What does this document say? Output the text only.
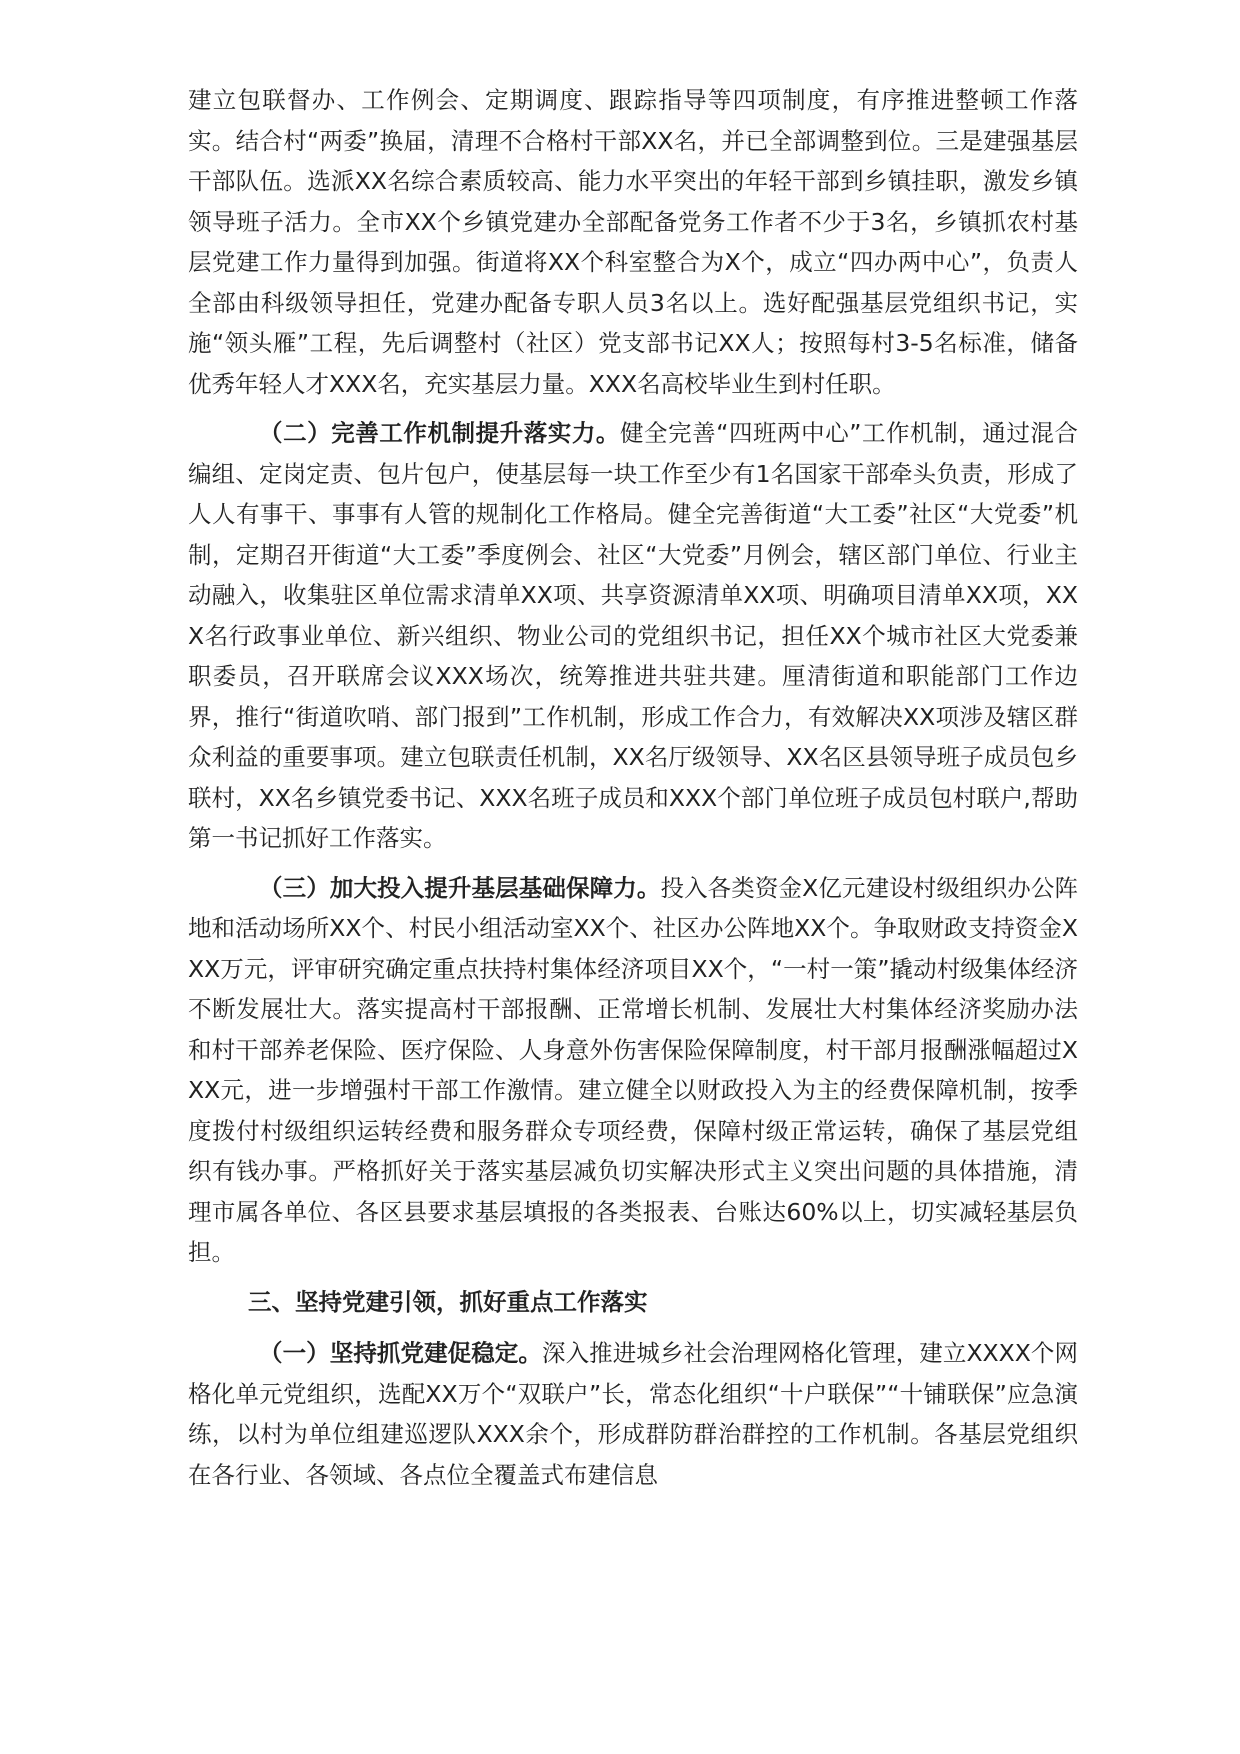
建立包联督办、工作例会、定期调度、跟踪指导等四项制度，有序推进整顿工作落实。结合村“两委”换届，清理不合格村干部XX名，并已全部调整到位。三是建强基层干部队伍。选派XX名综合素质较高、能力水平突出的年轻干部到乡镇挂职，激发乡镇领导班子活力。全市XX个乡镇党建办全部配备党务工作者不少于3名，乡镇抓农村基层党建工作力量得到加强。街道将XX个科室整合为X个，成立“四办两中心”，负责人全部由科级领导担任，党建办配备专职人员3名以上。选好配强基层党组织书记，实施“领头雁”工程，先后调整村（社区）党支部书记XX人；按照每村3-5名标准，储备优秀年轻人才XXX名，充实基层力量。XXX名高校毕业生到村任职。

（二）完善工作机制提升落实力。健全完善“四班两中心”工作机制，通过混合编组、定岗定责、包片包户，使基层每一块工作至少有1名国家干部牵头负责，形成了人人有事干、事事有人管的规制化工作格局。健全完善街道“大工委”社区“大党委”机制，定期召开街道“大工委”季度例会、社区“大党委”月例会，辖区部门单位、行业主动融入，收集驻区单位需求清单XX项、共享资源清单XX项、明确项目清单XX项，XXX名行政事业单位、新兴组织、物业公司的党组织书记，担任XX个城市社区大党委兼职委员，召开联席会议XXX场次，统筹推进共驻共建。厘清街道和职能部门工作边界，推行“街道吹哨、部门报到”工作机制，形成工作合力，有效解决XX项涉及辖区群众利益的重要事项。建立包联责任机制，XX名厅级领导、XX名区县领导班子成员包乡联村，XX名乡镇党委书记、XXX名班子成员和XXX个部门单位班子成员包村联户,帮助第一书记抓好工作落实。

（三）加大投入提升基层基础保障力。投入各类资金X亿元建设村级组织办公阵地和活动场所XX个、村民小组活动室XX个、社区办公阵地XX个。争取财政支持资金XXX万元，评审研究确定重点扶持村集体经济项目XX个，“一村一策”撬动村级集体经济不断发展壮大。落实提高村干部报酬、正常增长机制、发展壮大村集体经济奖励办法和村干部养老保险、医疗保险、人身意外伤害保险保障制度，村干部月报酬涨幅超过XXX元，进一步增强村干部工作激情。建立健全以财政投入为主的经费保障机制，按季度拨付村级组织运转经费和服务群众专项经费，保障村级正常运转，确保了基层党组织有钱办事。严格抓好关于落实基层减负切实解决形式主义突出问题的具体措施，清理市属各单位、各区县要求基层填报的各类报表、台账达60%以上，切实减轻基层负担。

三、坚持党建引领，抓好重点工作落实

（一）坚持抓党建促稳定。深入推进城乡社会治理网格化管理，建立XXXX个网格化单元党组织，选配XX万个“双联户”长，常态化组织“十户联保”“十铺联保”应急演练，以村为单位组建巡逻队XXX余个，形成群防群治群控的工作机制。各基层党组织在各行业、各领域、各点位全覆盖式布建信息
